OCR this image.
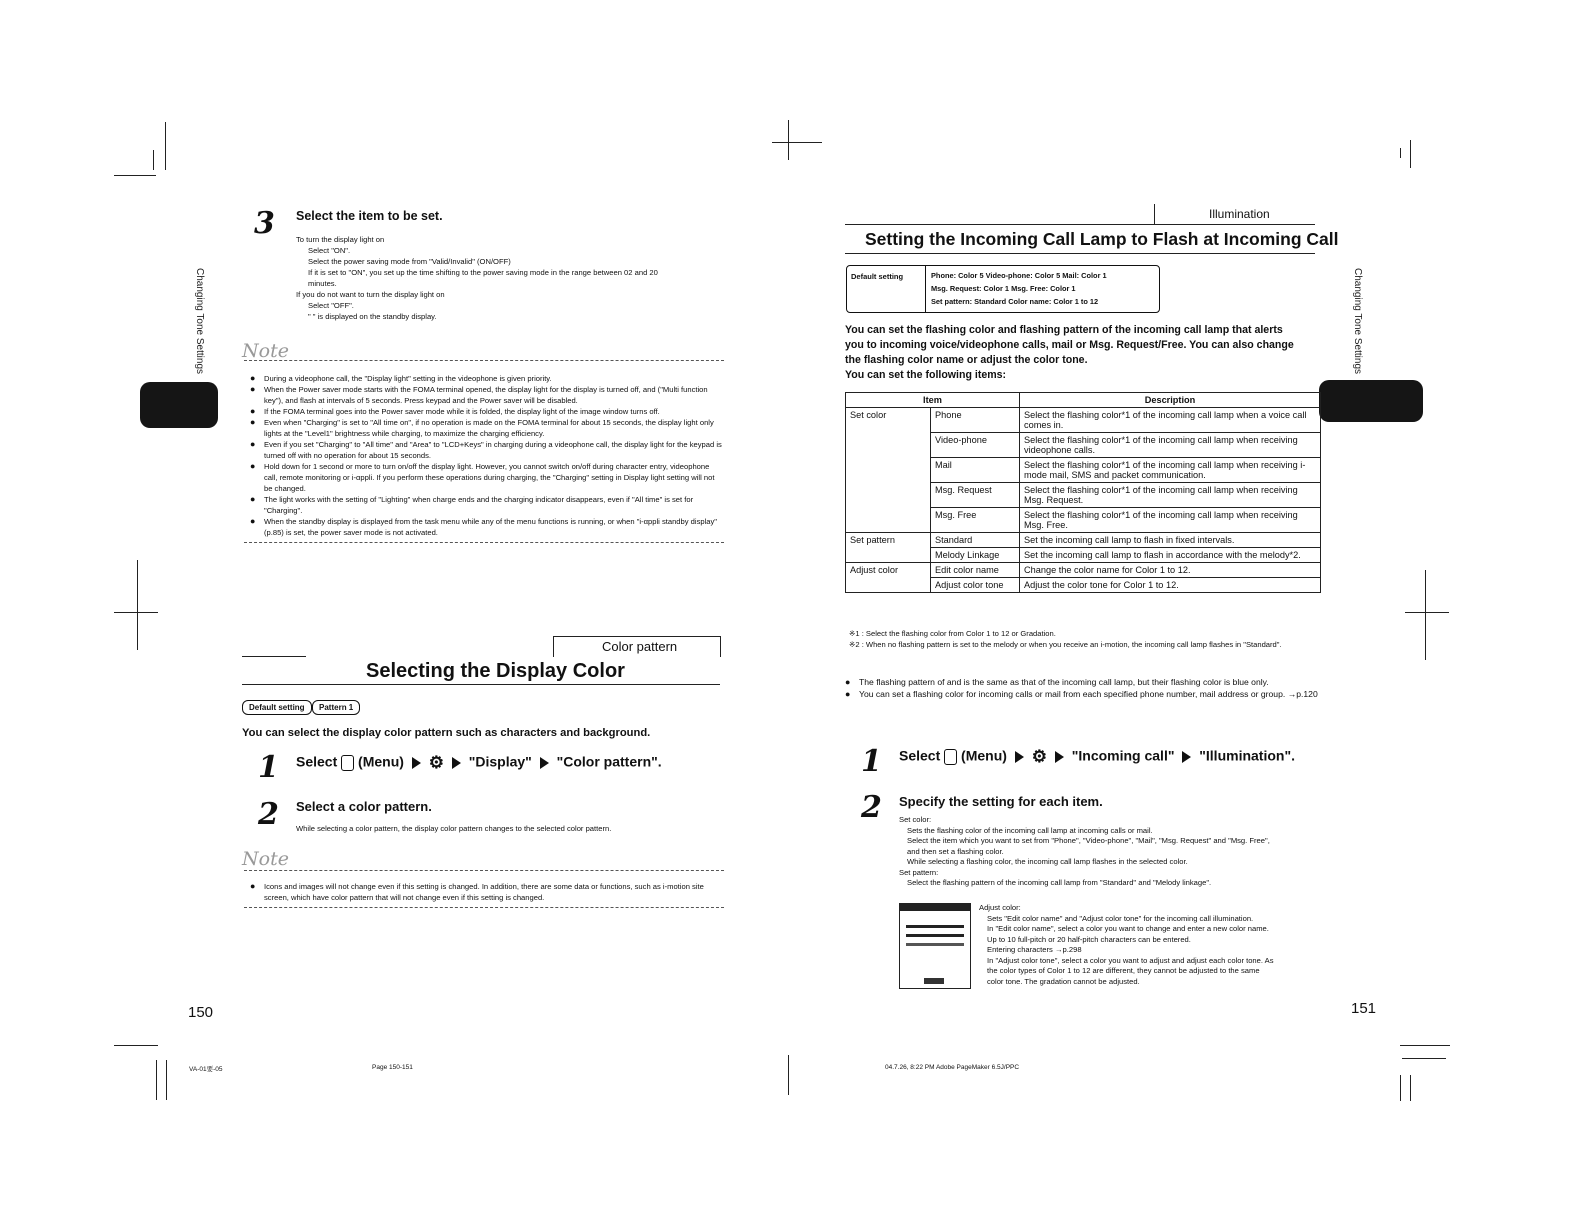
Changing Tone Settings
3 Select the item to be set.
To turn the display light on
Select "ON".
Select the power saving mode from "Valid/Invalid" (ON/OFF)
If it is set to "ON", you set up the time shifting to the power saving mode in the range between 02 and 20
minutes.
If you do not want to turn the display light on
Select "OFF".
" " is displayed on the standby display.
Note
● During a videophone call, the "Display light" setting in the videophone is given priority.
● When the Power saver mode starts with the FOMA terminal opened, the display light for the display is turned off, and ("Multi function key"), and flash at intervals of 5 seconds. Press keypad and the Power saver will be disabled.
● If the FOMA terminal goes into the Power saver mode while it is folded, the display light of the image window turns off.
● Even when "Charging" is set to "All time on", if no operation is made on the FOMA terminal for about 15 seconds, the display light only lights at the "Level1" brightness while charging, to maximize the charging efficiency.
● Even if you set "Charging" to "All time" and "Area" to "LCD+Keys" in charging during a videophone call, the display light for the keypad is turned off with no operation for about 15 seconds.
● Hold down for 1 second or more to turn on/off the display light. However, you cannot switch on/off during character entry, videophone call, remote monitoring or i-αppli. If you perform these operations during charging, the "Charging" setting in Display light setting will not be changed.
● The light works with the setting of "Lighting" when charge ends and the charging indicator disappears, even if "All time" is set for "Charging".
● When the standby display is displayed from the task menu while any of the menu functions is running, or when "i-αppli standby display" (p.85) is set, the power saver mode is not activated.
Color pattern
Selecting the Display Color
Default setting Pattern 1
You can select the display color pattern such as characters and background.
1 Select (Menu) ⚙ "Display" "Color pattern".
2 Select a color pattern.
While selecting a color pattern, the display color pattern changes to the selected color pattern.
Note
● Icons and images will not change even if this setting is changed. In addition, there are some data or functions, such as i-motion site screen, which have color pattern that will not change even if this setting is changed.
150
VA-01要-05	Page 150-151
Changing Tone Settings
Illumination
Setting the Incoming Call Lamp to Flash at Incoming Call
Default setting	Phone: Color 5 Video-phone: Color 5 Mail: Color 1
Msg. Request: Color 1 Msg. Free: Color 1
Set pattern: Standard Color name: Color 1 to 12
You can set the flashing color and flashing pattern of the incoming call lamp that alerts
you to incoming voice/videophone calls, mail or Msg. Request/Free. You can also change
the flashing color name or adjust the color tone.
You can set the following items:
Item		Description
Set color	Phone	Select the flashing color*1 of the incoming call lamp when a voice call comes in.
	Video-phone	Select the flashing color*1 of the incoming call lamp when receiving videophone calls.
	Mail	Select the flashing color*1 of the incoming call lamp when receiving i-mode mail, SMS and packet communication.
	Msg. Request	Select the flashing color*1 of the incoming call lamp when receiving Msg. Request.
	Msg. Free	Select the flashing color*1 of the incoming call lamp when receiving Msg. Free.
Set pattern	Standard	Set the incoming call lamp to flash in fixed intervals.
	Melody Linkage	Set the incoming call lamp to flash in accordance with the melody*2.
Adjust color	Edit color name	Change the color name for Color 1 to 12.
	Adjust color tone	Adjust the color tone for Color 1 to 12.
※1 : Select the flashing color from Color 1 to 12 or Gradation.
※2 : When no flashing pattern is set to the melody or when you receive an i-motion, the incoming call lamp flashes in "Standard".
● The flashing pattern of and is the same as that of the incoming call lamp, but their flashing color is blue only.
● You can set a flashing color for incoming calls or mail from each specified phone number, mail address or group. →p.120
1 Select (Menu) ⚙ "Incoming call" "Illumination".
2 Specify the setting for each item.
Set color:
Sets the flashing color of the incoming call lamp at incoming calls or mail.
Select the item which you want to set from "Phone", "Video-phone", "Mail", "Msg. Request" and "Msg. Free",
and then set a flashing color.
While selecting a flashing color, the incoming call lamp flashes in the selected color.
Set pattern:
Select the flashing pattern of the incoming call lamp from "Standard" and "Melody linkage".
Adjust color:
Sets "Edit color name" and "Adjust color tone" for the incoming call illumination.
In "Edit color name", select a color you want to change and enter a new color name.
Up to 10 full-pitch or 20 half-pitch characters can be entered.
Entering characters →p.298
In "Adjust color tone", select a color you want to adjust and adjust each color tone. As
the color types of Color 1 to 12 are different, they cannot be adjusted to the same
color tone. The gradation cannot be adjusted.
151
04.7.26, 8:22 PM Adobe PageMaker 6.5J/PPC
